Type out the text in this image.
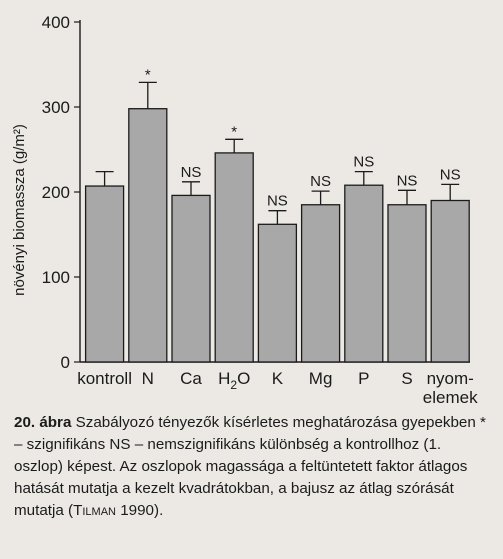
0
100
200
300
400
növényi biomassza (g/m²)
kontroll
*
N
NS
Ca
*
$H_2O$
NS
K
NS
Mg
NS
P
NS
S
NS
nyom-
elemek

20. ábra Szabályozó tényezők kísérletes meghatározása gyepekben * – szignifikáns NS – nemszignifikáns különbség a kontrollhoz (1. oszlop) képest. Az oszlopok magassága a feltüntetett faktor átlagos hatását mutatja a kezelt kvadrátokban, a bajusz az átlag szórását mutatja (Tilman 1990).
